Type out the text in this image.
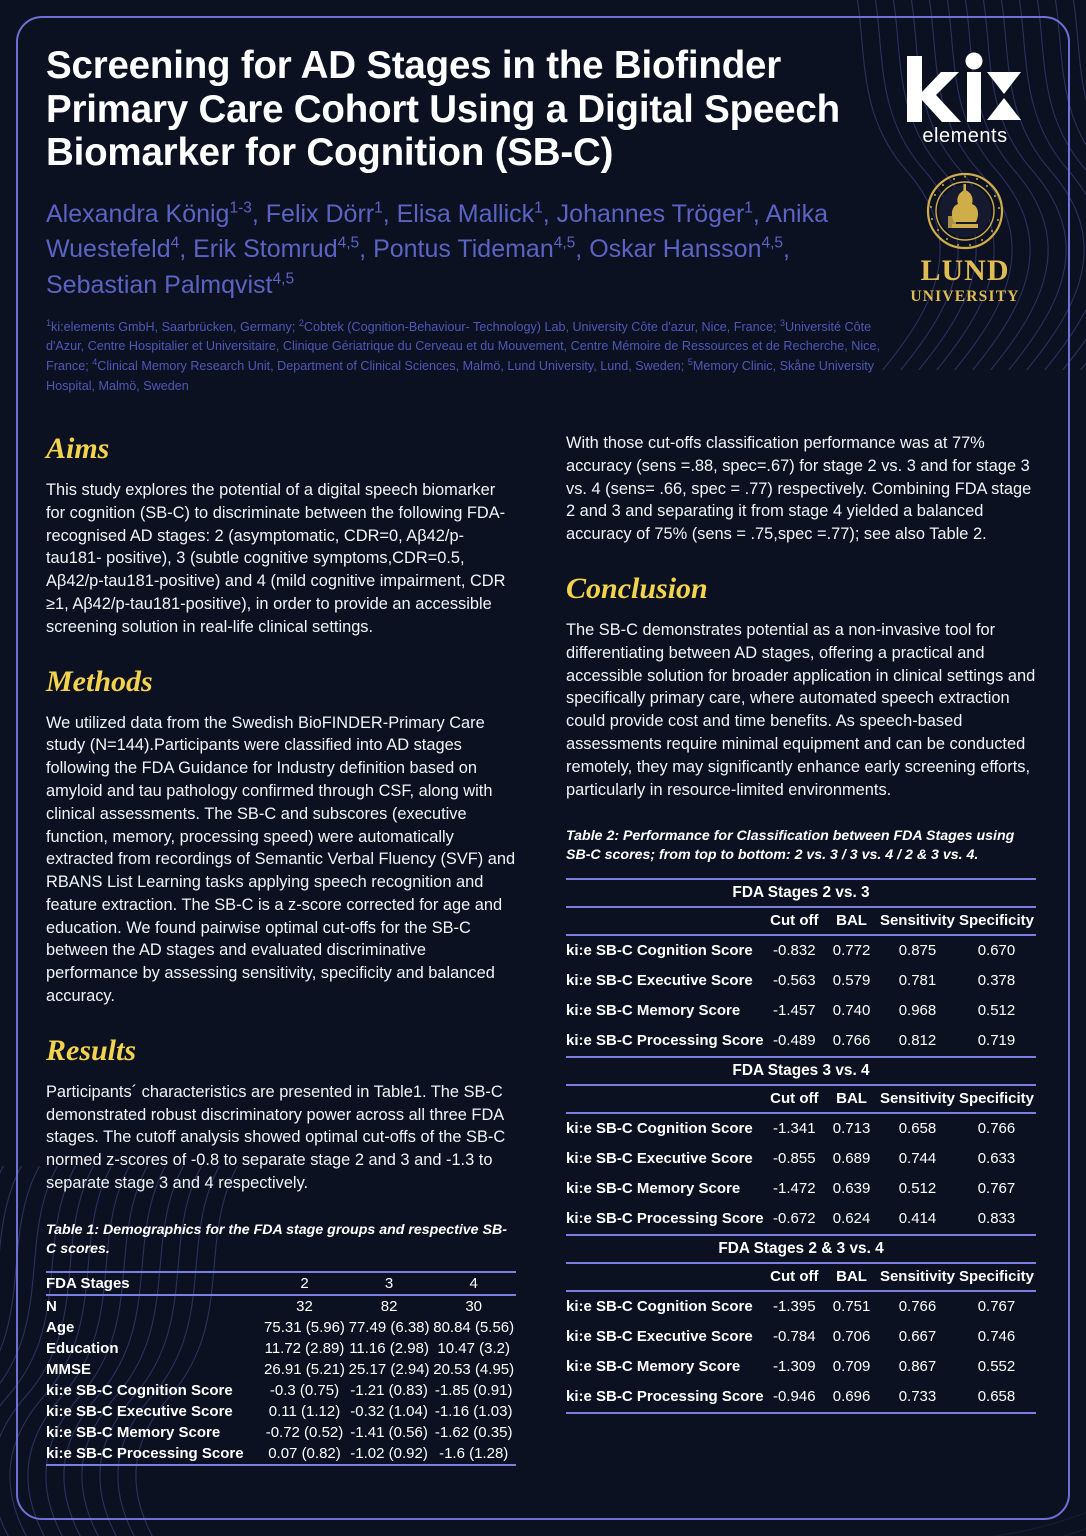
Screening for AD Stages in the Biofinder Primary Care Cohort Using a Digital Speech Biomarker for Cognition (SB-C)
Alexandra König$^{1-3}$, Felix Dörr$^1$, Elisa Mallick$^1$, Johannes Tröger$^1$, Anika Wuestefeld$^4$, Erik Stomrud$^{4,5}$, Pontus Tideman$^{4,5}$, Oskar Hansson$^{4,5}$, Sebastian Palmqvist$^{4,5}$
$^1$ki:elements GmbH, Saarbrücken, Germany; $^2$Cobtek (Cognition-Behaviour- Technology) Lab, University Côte d'azur, Nice, France; $^3$Université Côte d'Azur, Centre Hospitalier et Universitaire, Clinique Gériatrique du Cerveau et du Mouvement, Centre Mémoire de Ressources et de Recherche, Nice, France; $^4$Clinical Memory Research Unit, Department of Clinical Sciences, Malmö, Lund University, Lund, Sweden; $^5$Memory Clinic, Skåne University Hospital, Malmö, Sweden
elements
LUND
UNIVERSITY
Aims

This study explores the potential of a digital speech biomarker for cognition (SB-C) to discriminate between the following FDA-recognised AD stages: 2 (asymptomatic, CDR=0, Aβ42/p-tau181- positive), 3 (subtle cognitive symptoms,CDR=0.5, Aβ42/p-tau181-positive) and 4 (mild cognitive impairment, CDR ≥1, Aβ42/p-tau181-positive), in order to provide an accessible screening solution in real-life clinical settings.

Methods

We utilized data from the Swedish BioFINDER-Primary Care study (N=144).Participants were classified into AD stages following the FDA Guidance for Industry definition based on amyloid and tau pathology confirmed through CSF, along with clinical assessments. The SB-C and subscores (executive function, memory, processing speed) were automatically extracted from recordings of Semantic Verbal Fluency (SVF) and RBANS List Learning tasks applying speech recognition and feature extraction. The SB-C is a z-score corrected for age and education. We found pairwise optimal cut-offs for the SB-C between the AD stages and evaluated discriminative performance by assessing sensitivity, specificity and balanced accuracy.

Results

Participants´ characteristics are presented in Table1. The SB-C demonstrated robust discriminatory power across all three FDA stages. The cutoff analysis showed optimal cut-offs of the SB-C normed z-scores of -0.8 to separate stage 2 and 3 and -1.3 to separate stage 3 and 4 respectively.

Table 1: Demographics for the FDA stage groups and respective SB-C scores.
FDA Stages	2	3	4
N	32	82	30
Age	75.31 (5.96)	77.49 (6.38)	80.84 (5.56)
Education	11.72 (2.89)	11.16 (2.98)	10.47 (3.2)
MMSE	26.91 (5.21)	25.17 (2.94)	20.53 (4.95)
ki:e SB-C Cognition Score	-0.3 (0.75)	-1.21 (0.83)	-1.85 (0.91)
ki:e SB-C Executive Score	0.11 (1.12)	-0.32 (1.04)	-1.16 (1.03)
ki:e SB-C Memory Score	-0.72 (0.52)	-1.41 (0.56)	-1.62 (0.35)
ki:e SB-C Processing Score	0.07 (0.82)	-1.02 (0.92)	-1.6 (1.28)

With those cut-offs classification performance was at 77% accuracy (sens =.88, spec=.67) for stage 2 vs. 3 and for stage 3 vs. 4 (sens= .66, spec = .77) respectively. Combining FDA stage 2 and 3 and separating it from stage 4 yielded a balanced accuracy of 75% (sens = .75,spec =.77); see also Table 2.

Conclusion

The SB-C demonstrates potential as a non-invasive tool for differentiating between AD stages, offering a practical and accessible solution for broader application in clinical settings and specifically primary care, where automated speech extraction could provide cost and time benefits. As speech-based assessments require minimal equipment and can be conducted remotely, they may significantly enhance early screening efforts, particularly in resource-limited environments.

Table 2: Performance for Classification between FDA Stages using SB-C scores; from top to bottom: 2 vs. 3 / 3 vs. 4 / 2 & 3 vs. 4.
FDA Stages 2 vs. 3				
	Cut off	BAL	Sensitivity	Specificity
ki:e SB-C Cognition Score	-0.832	0.772	0.875	0.670
ki:e SB-C Executive Score	-0.563	0.579	0.781	0.378
ki:e SB-C Memory Score	-1.457	0.740	0.968	0.512
ki:e SB-C Processing Score	-0.489	0.766	0.812	0.719
FDA Stages 3 vs. 4				
	Cut off	BAL	Sensitivity	Specificity
ki:e SB-C Cognition Score	-1.341	0.713	0.658	0.766
ki:e SB-C Executive Score	-0.855	0.689	0.744	0.633
ki:e SB-C Memory Score	-1.472	0.639	0.512	0.767
ki:e SB-C Processing Score	-0.672	0.624	0.414	0.833
FDA Stages 2 & 3 vs. 4				
	Cut off	BAL	Sensitivity	Specificity
ki:e SB-C Cognition Score	-1.395	0.751	0.766	0.767
ki:e SB-C Executive Score	-0.784	0.706	0.667	0.746
ki:e SB-C Memory Score	-1.309	0.709	0.867	0.552
ki:e SB-C Processing Score	-0.946	0.696	0.733	0.658
